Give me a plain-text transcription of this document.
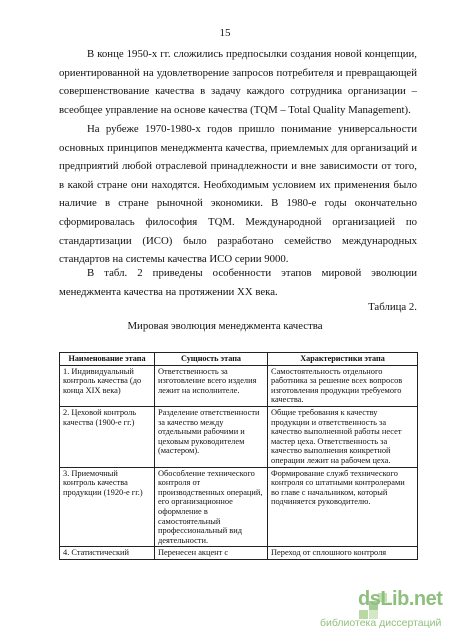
15

В конце 1950-х гг. сложились предпосылки создания новой концепции, ориентированной на удовлетворение запросов потребителя и превращающей совершенствование качества в задачу каждого сотрудника организации – всеобщее управление на основе качества (TQM – Total Quality Management).

На рубеже 1970-1980-х годов пришло понимание универсальности основных принципов менеджмента качества, приемлемых для организаций и предприятий любой отраслевой принадлежности и вне зависимости от того, в какой стране они находятся. Необходимым условием их применения было наличие в стране рыночной экономики. В 1980-е годы окончательно сформировалась философия TQM. Международной организацией по стандартизации (ИСО) было разработано семейство международных стандартов на системы качества ИСО серии 9000.

В табл. 2 приведены особенности этапов мировой эволюции менеджмента качества на протяжении XX века.

Таблица 2.
Мировая эволюция менеджмента качества
Наименование этапа	Сущность этапа	Характеристики этапа
1. Индивидуальный контроль качества (до конца XIX века)	Ответственность за изготовление всего изделия лежит на исполнителе.	Самостоятельность отдельного работника за решение всех вопросов изготовления продукции требуемого качества.
2. Цеховой контроль качества (1900-е гг.)	Разделение ответственности за качество между отдельными рабочими и цеховым руководителем (мастером).	Общие требования к качеству продукции и ответственность за качество выполненной работы несет мастер цеха. Ответственность за качество выполнения конкретной операции лежит на рабочем цеха.
3. Приемочный контроль качества продукции (1920-е гг.)	Обособление технического контроля от производственных операций, его организационное оформление в самостоятельный профессиональный вид деятельности.	Формирование служб технического контроля со штатными контролерами во главе с начальником, который подчиняется руководителю.
4. Статистический	Перенесен акцент с	Переход от сплошного контроля
dsLib.net
библиотека диссертаций
